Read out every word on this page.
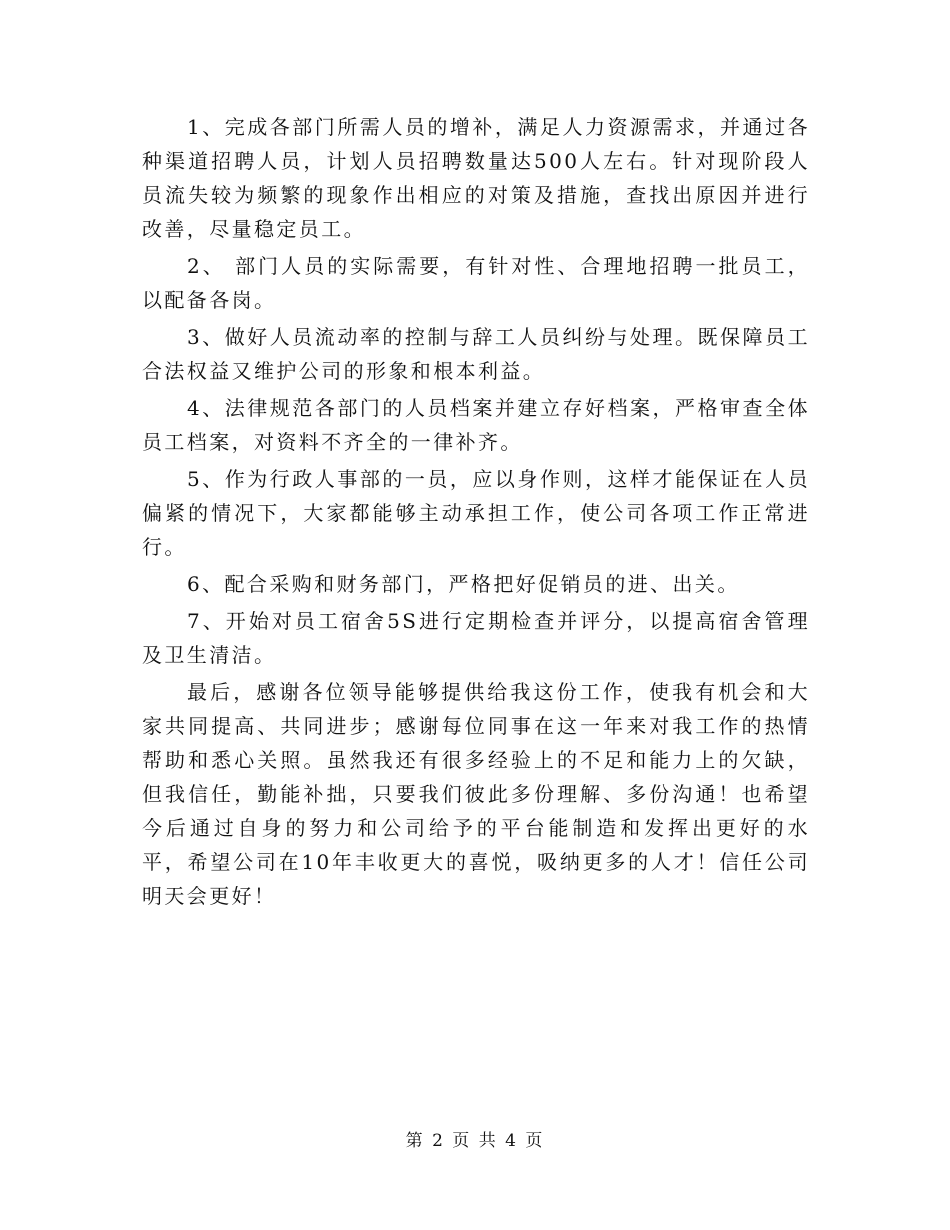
1、完成各部门所需人员的增补，满足人力资源需求，并通过各种渠道招聘人员，计划人员招聘数量达500人左右。针对现阶段人员流失较为频繁的现象作出相应的对策及措施，查找出原因并进行改善，尽量稳定员工。

2、 部门人员的实际需要，有针对性、合理地招聘一批员工，以配备各岗。

3、做好人员流动率的控制与辞工人员纠纷与处理。既保障员工合法权益又维护公司的形象和根本利益。

4、法律规范各部门的人员档案并建立存好档案，严格审查全体员工档案，对资料不齐全的一律补齐。

5、作为行政人事部的一员，应以身作则，这样才能保证在人员偏紧的情况下，大家都能够主动承担工作，使公司各项工作正常进行。

6、配合采购和财务部门，严格把好促销员的进、出关。

7、开始对员工宿舍5S进行定期检查并评分，以提高宿舍管理及卫生清洁。

最后，感谢各位领导能够提供给我这份工作，使我有机会和大家共同提高、共同进步；感谢每位同事在这一年来对我工作的热情帮助和悉心关照。虽然我还有很多经验上的不足和能力上的欠缺，但我信任，勤能补拙，只要我们彼此多份理解、多份沟通！也希望今后通过自身的努力和公司给予的平台能制造和发挥出更好的水平，希望公司在10年丰收更大的喜悦，吸纳更多的人才！信任公司明天会更好！

第 2 页 共 4 页
